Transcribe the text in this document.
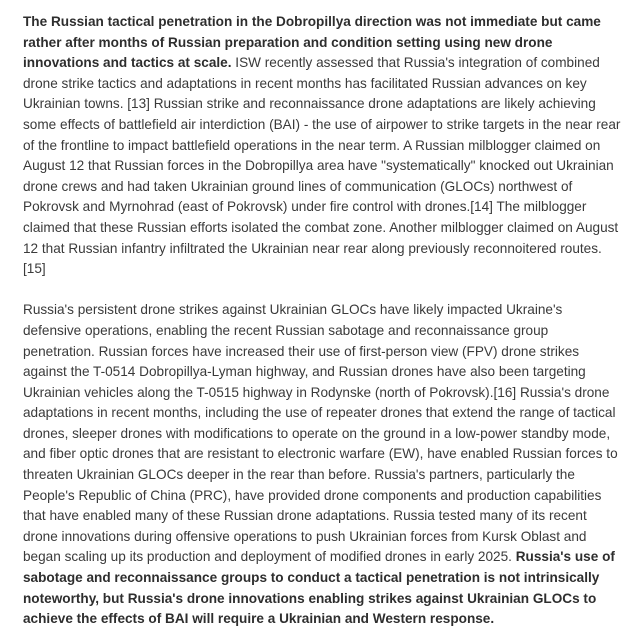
The Russian tactical penetration in the Dobropillya direction was not immediate but came rather after months of Russian preparation and condition setting using new drone innovations and tactics at scale. ISW recently assessed that Russia's integration of combined drone strike tactics and adaptations in recent months has facilitated Russian advances on key Ukrainian towns. [13] Russian strike and reconnaissance drone adaptations are likely achieving some effects of battlefield air interdiction (BAI) - the use of airpower to strike targets in the near rear of the frontline to impact battlefield operations in the near term. A Russian milblogger claimed on August 12 that Russian forces in the Dobropillya area have "systematically" knocked out Ukrainian drone crews and had taken Ukrainian ground lines of communication (GLOCs) northwest of Pokrovsk and Myrnohrad (east of Pokrovsk) under fire control with drones.[14] The milblogger claimed that these Russian efforts isolated the combat zone. Another milblogger claimed on August 12 that Russian infantry infiltrated the Ukrainian near rear along previously reconnoitered routes.[15]

Russia's persistent drone strikes against Ukrainian GLOCs have likely impacted Ukraine's defensive operations, enabling the recent Russian sabotage and reconnaissance group penetration. Russian forces have increased their use of first-person view (FPV) drone strikes against the T-0514 Dobropillya-Lyman highway, and Russian drones have also been targeting Ukrainian vehicles along the T-0515 highway in Rodynske (north of Pokrovsk).[16] Russia's drone adaptations in recent months, including the use of repeater drones that extend the range of tactical drones, sleeper drones with modifications to operate on the ground in a low-power standby mode, and fiber optic drones that are resistant to electronic warfare (EW), have enabled Russian forces to threaten Ukrainian GLOCs deeper in the rear than before. Russia's partners, particularly the People's Republic of China (PRC), have provided drone components and production capabilities that have enabled many of these Russian drone adaptations. Russia tested many of its recent drone innovations during offensive operations to push Ukrainian forces from Kursk Oblast and began scaling up its production and deployment of modified drones in early 2025. Russia's use of sabotage and reconnaissance groups to conduct a tactical penetration is not intrinsically noteworthy, but Russia's drone innovations enabling strikes against Ukrainian GLOCs to achieve the effects of BAI will require a Ukrainian and Western response.
